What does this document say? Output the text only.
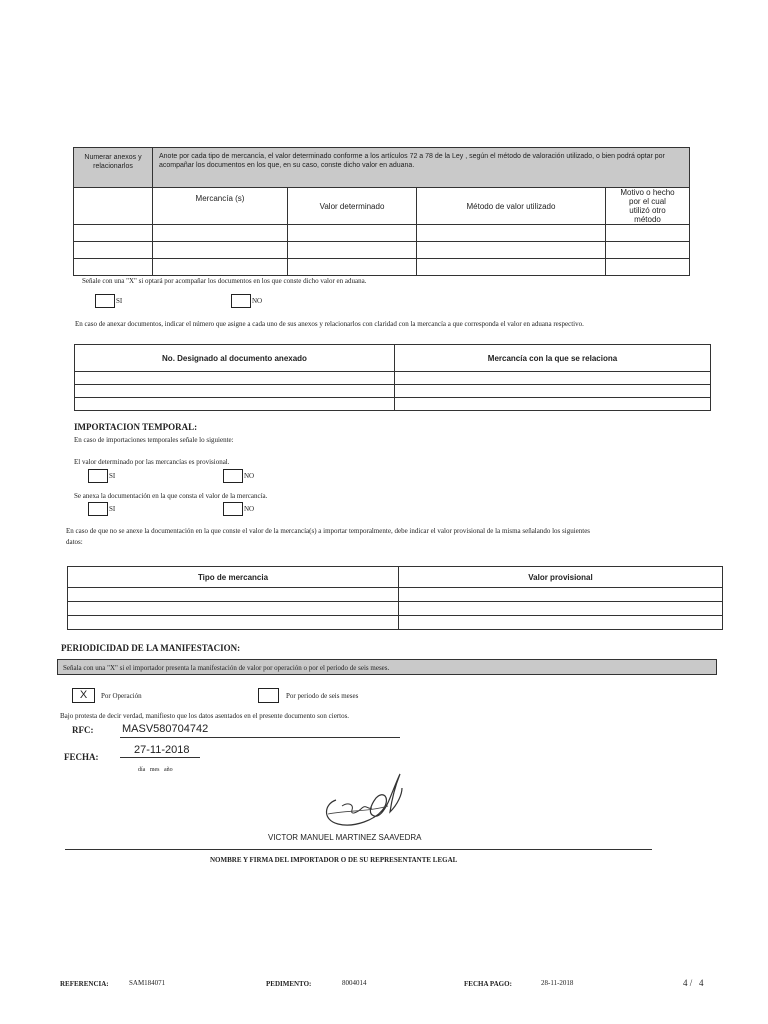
Numerar anexos y relacionarlos	Anote por cada tipo de mercancía, el valor determinado conforme a los artículos 72 a 78 de la Ley , según el método de valoración utilizado, o bien podrá optar por acompañar los documentos en los que, en su caso, conste dicho valor en aduana.			
	Mercancía (s)	Valor determinado	Método de valor utilizado	Motivo o hecho por el cual utilizó otro método

Señale con una "X" si optará por acompañar los documentos en los que conste dicho valor en aduana.
SI	NO
En caso de anexar documentos, indicar el número que asigne a cada uno de sus anexos y relacionarlos con claridad con la mercancía a que corresponda el valor en aduana respectivo.
No. Designado al documento anexado	Mercancía con la que se relaciona

IMPORTACION TEMPORAL:
En caso de importaciones temporales señale lo siguiente:
El valor determinado por las mercancías es provisional.
SI	NO
Se anexa la documentación en la que consta el valor de la mercancía.
SI	NO
En caso de que no se anexe la documentación en la que conste el valor de la mercancía(s) a importar temporalmente, debe indicar el valor provisional de la misma señalando los siguientes datos:
Tipo de mercancia	Valor provisional

PERIODICIDAD DE LA MANIFESTACION:
Señala con una "X" si el importador presenta la manifestación de valor por operación o por el periodo de seis meses.
X	Por Operación	Por periodo de seis meses
Bajo protesta de decir verdad, manifiesto que los datos asentados en el presente documento son ciertos.
RFC:	MASV580704742
FECHA:
27-11-2018
día   mes   año
VICTOR MANUEL MARTINEZ SAAVEDRA
NOMBRE Y FIRMA DEL IMPORTADOR O DE SU REPRESENTANTE LEGAL
REFERENCIA:	SAM184071	PEDIMENTO:	8004014	FECHA PAGO:	28-11-2018	4 /   4
